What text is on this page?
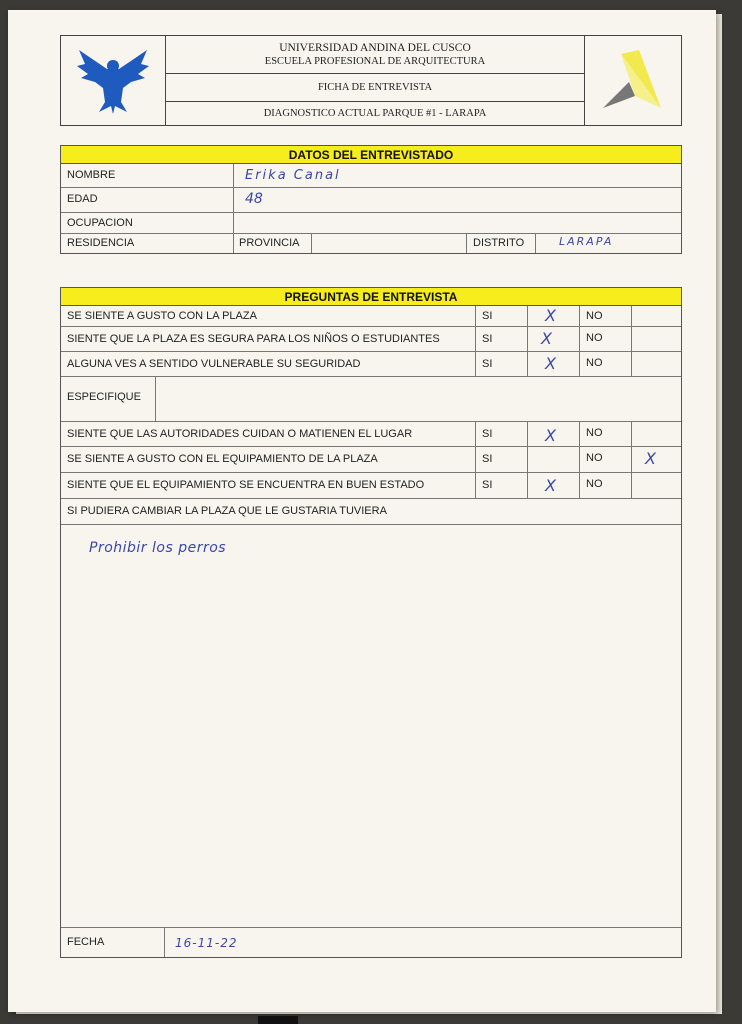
UNIVERSIDAD ANDINA DEL CUSCO
ESCUELA PROFESIONAL DE ARQUITECTURA
FICHA DE ENTREVISTA
DIAGNOSTICO ACTUAL PARQUE #1 - LARAPA
DATOS DEL ENTREVISTADO
NOMBRE	Erika Canal
EDAD	48
OCUPACION
RESIDENCIA	PROVINCIA	DISTRITO	LARAPA
PREGUNTAS DE ENTREVISTA
SE SIENTE A GUSTO CON LA PLAZA	SI	X	NO
SIENTE QUE LA PLAZA ES SEGURA PARA LOS NIÑOS O ESTUDIANTES	SI	X	NO
ALGUNA VES A SENTIDO VULNERABLE SU SEGURIDAD	SI	X	NO
ESPECIFIQUE
SIENTE QUE LAS AUTORIDADES CUIDAN O MATIENEN EL LUGAR	SI	X	NO
SE SIENTE A GUSTO CON EL EQUIPAMIENTO DE LA PLAZA	SI	NO	X
SIENTE QUE EL EQUIPAMIENTO SE ENCUENTRA EN BUEN ESTADO	SI	X	NO
SI PUDIERA CAMBIAR LA PLAZA QUE LE GUSTARIA TUVIERA
Prohibir los perros
FECHA	16-11-22
